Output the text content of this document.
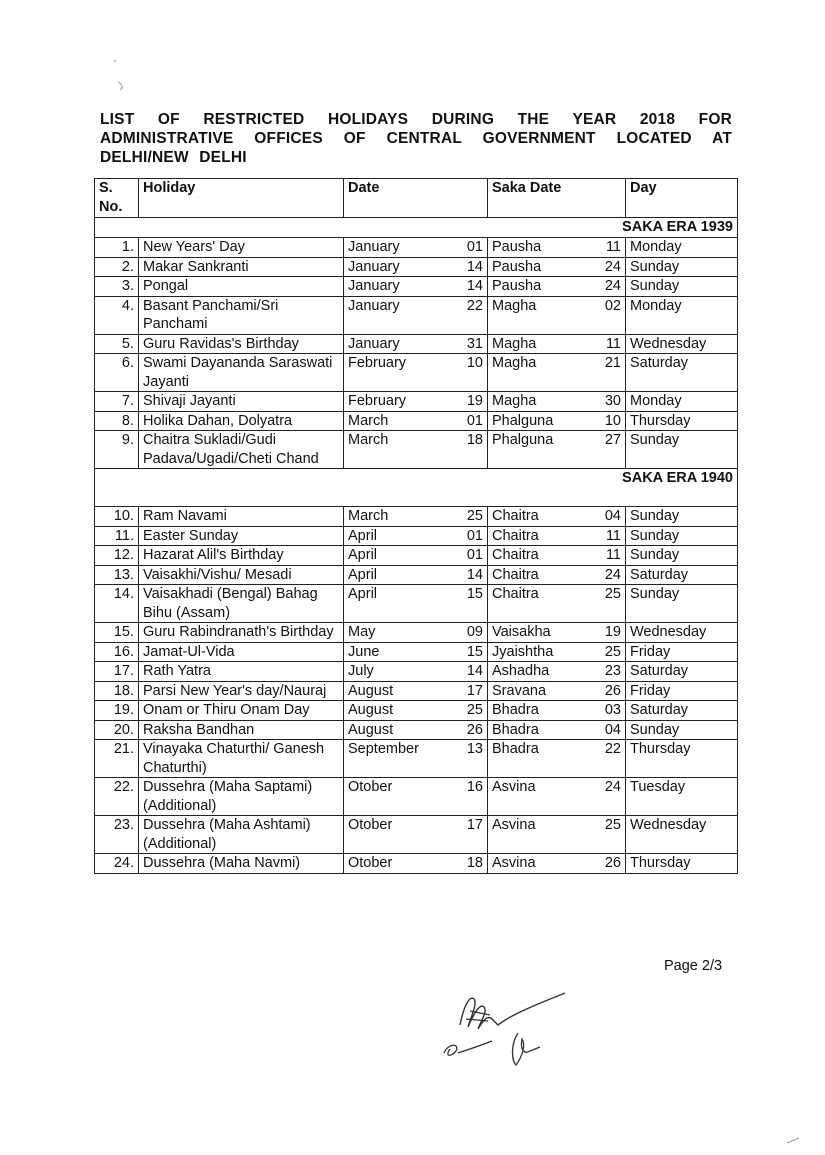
LIST OF RESTRICTED HOLIDAYS DURING THE YEAR 2018 FOR
ADMINISTRATIVE OFFICES OF CENTRAL GOVERNMENT LOCATED AT
DELHI/NEW DELHI
S. No.	Holiday	Date	Saka Date	Day
SAKA ERA 1939				
1.	New Years' Day	January 01	Pausha 11	Monday
2.	Makar Sankranti	January 14	Pausha 24	Sunday
3.	Pongal	January 14	Pausha 24	Sunday
4.	Basant Panchami/Sri Panchami	January 22	Magha 02	Monday
5.	Guru Ravidas's Birthday	January 31	Magha 11	Wednesday
6.	Swami Dayananda Saraswati Jayanti	February 10	Magha 21	Saturday
7.	Shivaji Jayanti	February 19	Magha 30	Monday
8.	Holika Dahan, Dolyatra	March 01	Phalguna 10	Thursday
9.	Chaitra Sukladi/Gudi Padava/Ugadi/Cheti Chand	March 18	Phalguna 27	Sunday
SAKA ERA 1940				
10.	Ram Navami	March 25	Chaitra 04	Sunday
11.	Easter Sunday	April 01	Chaitra 11	Sunday
12.	Hazarat Alil's Birthday	April 01	Chaitra 11	Sunday
13.	Vaisakhi/Vishu/ Mesadi	April 14	Chaitra 24	Saturday
14.	Vaisakhadi (Bengal) Bahag Bihu (Assam)	April 15	Chaitra 25	Sunday
15.	Guru Rabindranath's Birthday	May 09	Vaisakha 19	Wednesday
16.	Jamat-Ul-Vida	June 15	Jyaishtha 25	Friday
17.	Rath Yatra	July 14	Ashadha 23	Saturday
18.	Parsi New Year's day/Nauraj	August 17	Sravana 26	Friday
19.	Onam or Thiru Onam Day	August 25	Bhadra 03	Saturday
20.	Raksha Bandhan	August 26	Bhadra 04	Sunday
21.	Vinayaka Chaturthi/ Ganesh Chaturthi)	September 13	Bhadra 22	Thursday
22.	Dussehra (Maha Saptami) (Additional)	Otober 16	Asvina 24	Tuesday
23.	Dussehra (Maha Ashtami) (Additional)	Otober 17	Asvina 25	Wednesday
24.	Dussehra (Maha Navmi)	Otober 18	Asvina 26	Thursday
Page 2/3
